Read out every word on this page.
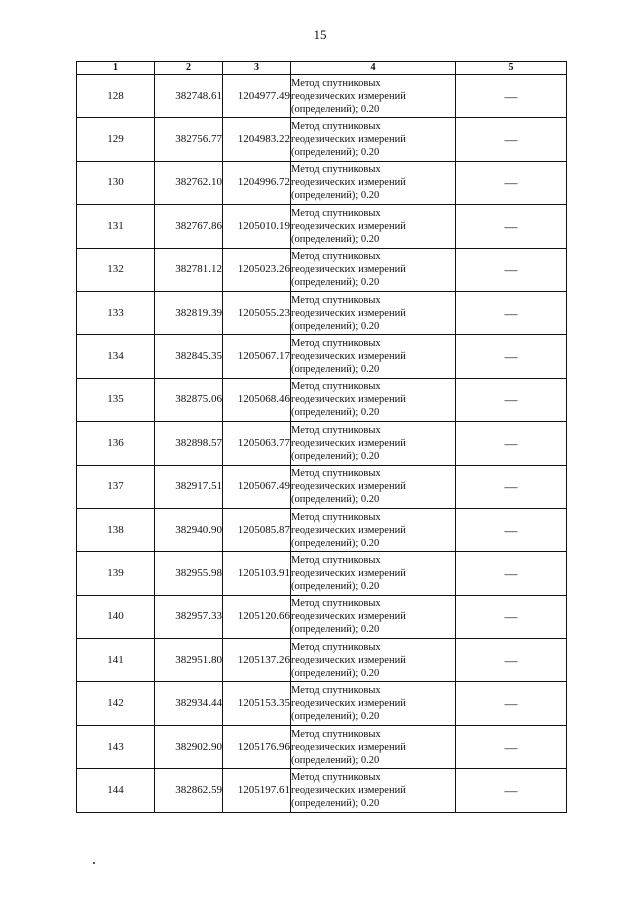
15
1	2	3	4	5
128	382748.61	1204977.49	Метод спутниковых
геодезических измерений
(определений); 0.20	—
129	382756.77	1204983.22	Метод спутниковых
геодезических измерений
(определений); 0.20	—
130	382762.10	1204996.72	Метод спутниковых
геодезических измерений
(определений); 0.20	—
131	382767.86	1205010.19	Метод спутниковых
геодезических измерений
(определений); 0.20	—
132	382781.12	1205023.26	Метод спутниковых
геодезических измерений
(определений); 0.20	—
133	382819.39	1205055.23	Метод спутниковых
геодезических измерений
(определений); 0.20	—
134	382845.35	1205067.17	Метод спутниковых
геодезических измерений
(определений); 0.20	—
135	382875.06	1205068.46	Метод спутниковых
геодезических измерений
(определений); 0.20	—
136	382898.57	1205063.77	Метод спутниковых
геодезических измерений
(определений); 0.20	—
137	382917.51	1205067.49	Метод спутниковых
геодезических измерений
(определений); 0.20	—
138	382940.90	1205085.87	Метод спутниковых
геодезических измерений
(определений); 0.20	—
139	382955.98	1205103.91	Метод спутниковых
геодезических измерений
(определений); 0.20	—
140	382957.33	1205120.66	Метод спутниковых
геодезических измерений
(определений); 0.20	—
141	382951.80	1205137.26	Метод спутниковых
геодезических измерений
(определений); 0.20	—
142	382934.44	1205153.35	Метод спутниковых
геодезических измерений
(определений); 0.20	—
143	382902.90	1205176.96	Метод спутниковых
геодезических измерений
(определений); 0.20	—
144	382862.59	1205197.61	Метод спутниковых
геодезических измерений
(определений); 0.20	—
